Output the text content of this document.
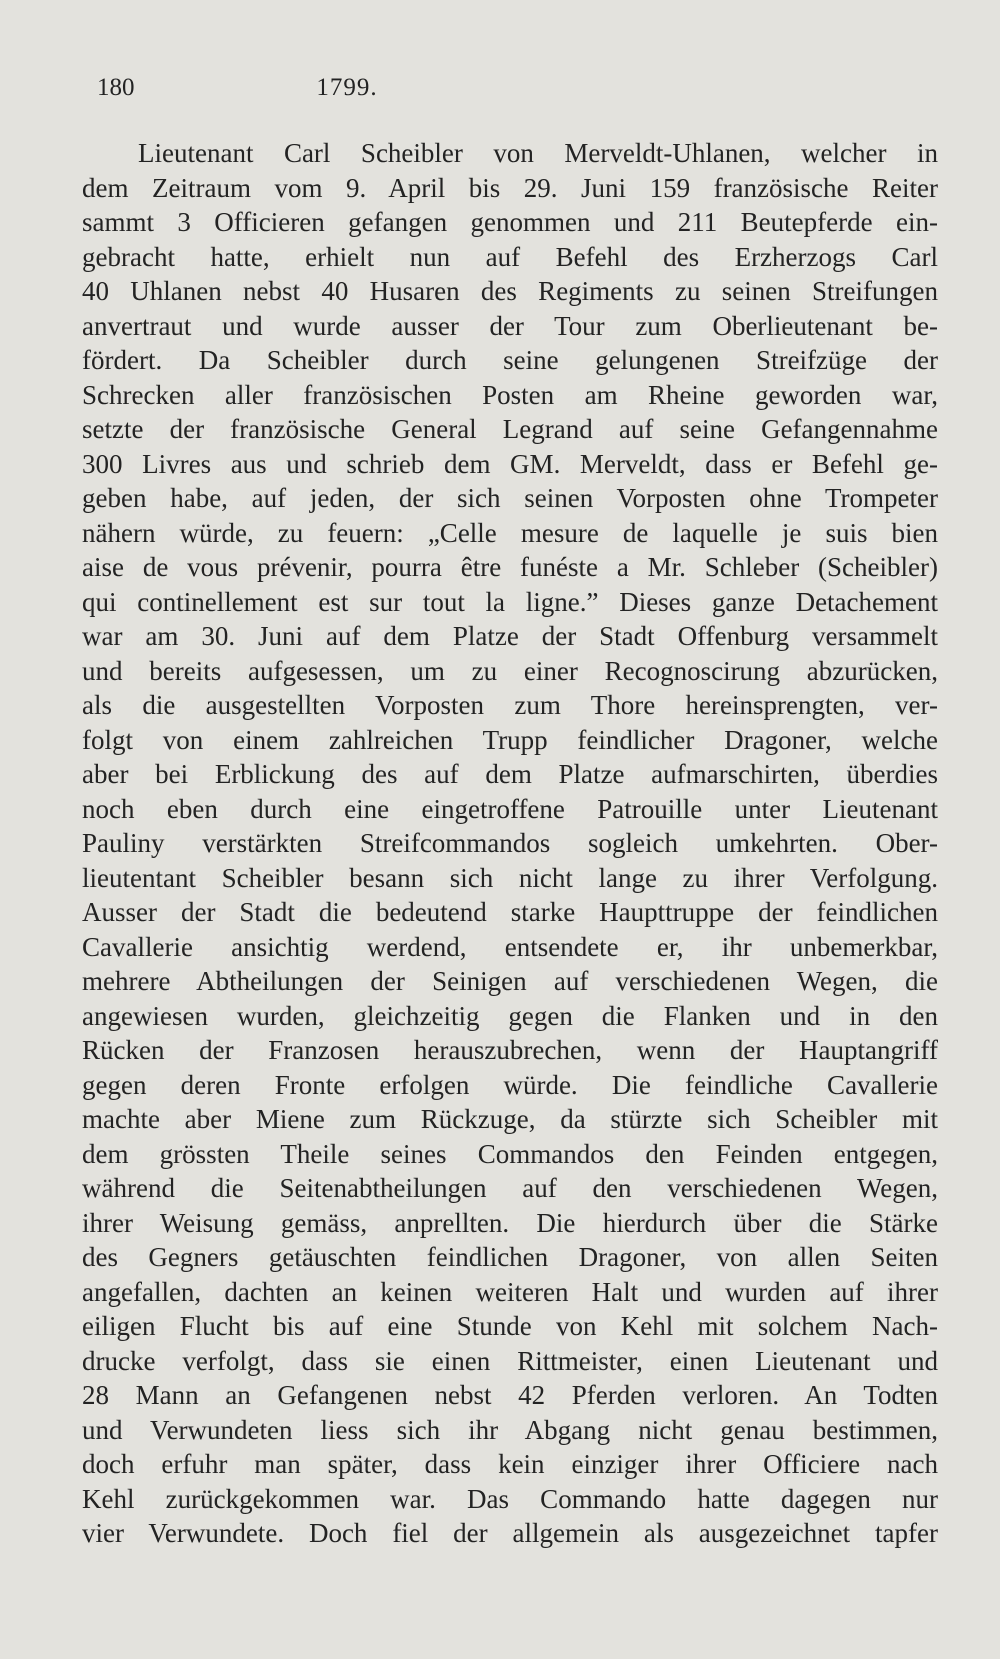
180	1799.
Lieutenant Carl Scheibler von Merveldt-Uhlanen, welcher in
dem Zeitraum vom 9. April bis 29. Juni 159 französische Reiter
sammt 3 Officieren gefangen genommen und 211 Beutepferde ein-
gebracht hatte, erhielt nun auf Befehl des Erzherzogs Carl
40 Uhlanen nebst 40 Husaren des Regiments zu seinen Streifungen
anvertraut und wurde ausser der Tour zum Oberlieutenant be-
fördert. Da Scheibler durch seine gelungenen Streifzüge der
Schrecken aller französischen Posten am Rheine geworden war,
setzte der französische General Legrand auf seine Gefangennahme
300 Livres aus und schrieb dem GM. Merveldt, dass er Befehl ge-
geben habe, auf jeden, der sich seinen Vorposten ohne Trompeter
nähern würde, zu feuern: „Celle mesure de laquelle je suis bien
aise de vous prévenir, pourra être funéste a Mr. Schleber (Scheibler)
qui continellement est sur tout la ligne.” Dieses ganze Detachement
war am 30. Juni auf dem Platze der Stadt Offenburg versammelt
und bereits aufgesessen, um zu einer Recognoscirung abzurücken,
als die ausgestellten Vorposten zum Thore hereinsprengten, ver-
folgt von einem zahlreichen Trupp feindlicher Dragoner, welche
aber bei Erblickung des auf dem Platze aufmarschirten, überdies
noch eben durch eine eingetroffene Patrouille unter Lieutenant
Pauliny verstärkten Streifcommandos sogleich umkehrten. Ober-
lieutentant Scheibler besann sich nicht lange zu ihrer Verfolgung.
Ausser der Stadt die bedeutend starke Haupttruppe der feindlichen
Cavallerie ansichtig werdend, entsendete er, ihr unbemerkbar,
mehrere Abtheilungen der Seinigen auf verschiedenen Wegen, die
angewiesen wurden, gleichzeitig gegen die Flanken und in den
Rücken der Franzosen herauszubrechen, wenn der Hauptangriff
gegen deren Fronte erfolgen würde. Die feindliche Cavallerie
machte aber Miene zum Rückzuge, da stürzte sich Scheibler mit
dem grössten Theile seines Commandos den Feinden entgegen,
während die Seitenabtheilungen auf den verschiedenen Wegen,
ihrer Weisung gemäss, anprellten. Die hierdurch über die Stärke
des Gegners getäuschten feindlichen Dragoner, von allen Seiten
angefallen, dachten an keinen weiteren Halt und wurden auf ihrer
eiligen Flucht bis auf eine Stunde von Kehl mit solchem Nach-
drucke verfolgt, dass sie einen Rittmeister, einen Lieutenant und
28 Mann an Gefangenen nebst 42 Pferden verloren. An Todten
und Verwundeten liess sich ihr Abgang nicht genau bestimmen,
doch erfuhr man später, dass kein einziger ihrer Officiere nach
Kehl zurückgekommen war. Das Commando hatte dagegen nur
vier Verwundete. Doch fiel der allgemein als ausgezeichnet tapfer
